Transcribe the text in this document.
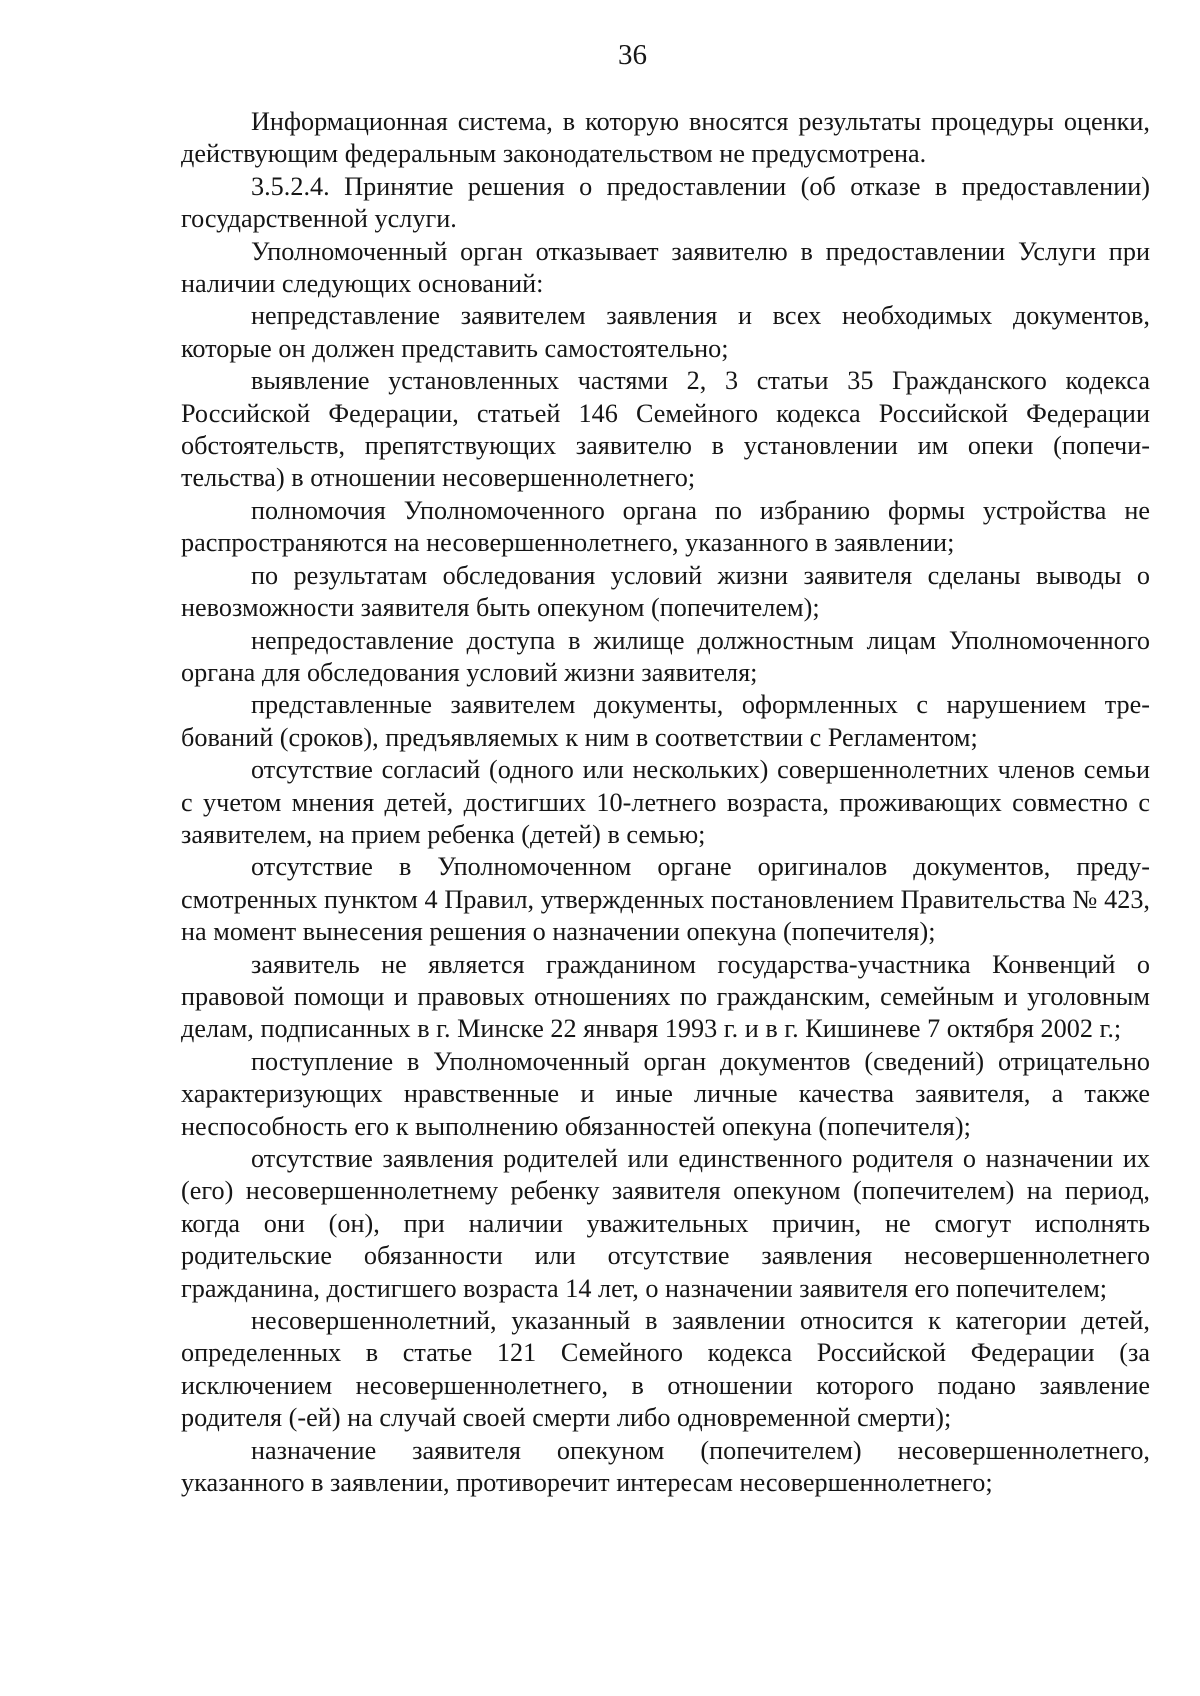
36

Информационная система, в которую вносятся результаты процедуры оценки, действующим федеральным законодательством не предусмотрена.

3.5.2.4. Принятие решения о предоставлении (об отказе в предоставлении) государственной услуги.

Уполномоченный орган отказывает заявителю в предоставлении Услуги при наличии следующих оснований:

непредставление заявителем заявления и всех необходимых документов, которые он должен представить самостоятельно;

выявление установленных частями 2, 3 статьи 35 Гражданского кодекса Российской Федерации, статьей 146 Семейного кодекса Российской Федерации обстоятельств, препятствующих заявителю в установлении им опеки (попечительства) в отношении несовершеннолетнего;

полномочия Уполномоченного органа по избранию формы устройства не распространяются на несовершеннолетнего, указанного в заявлении;

по результатам обследования условий жизни заявителя сделаны выводы о невозможности заявителя быть опекуном (попечителем);

непредоставление доступа в жилище должностным лицам Уполномоченного органа для обследования условий жизни заявителя;

представленные заявителем документы, оформленных с нарушением требований (сроков), предъявляемых к ним в соответствии с Регламентом;

отсутствие согласий (одного или нескольких) совершеннолетних членов семьи с учетом мнения детей, достигших 10-летнего возраста, проживающих совместно с заявителем, на прием ребенка (детей) в семью;

отсутствие в Уполномоченном органе оригиналов документов, предусмотренных пунктом 4 Правил, утвержденных постановлением Правительства № 423, на момент вынесения решения о назначении опекуна (попечителя);

заявитель не является гражданином государства-участника Конвенций о правовой помощи и правовых отношениях по гражданским, семейным и уголовным делам, подписанных в г. Минске 22 января 1993 г. и в г. Кишиневе 7 октября 2002 г.;

поступление в Уполномоченный орган документов (сведений) отрицательно характеризующих нравственные и иные личные качества заявителя, а также неспособность его к выполнению обязанностей опекуна (попечителя);

отсутствие заявления родителей или единственного родителя о назначении их (его) несовершеннолетнему ребенку заявителя опекуном (попечителем) на период, когда они (он), при наличии уважительных причин, не смогут исполнять родительские обязанности или отсутствие заявления несовершеннолетнего гражданина, достигшего возраста 14 лет, о назначении заявителя его попечителем;

несовершеннолетний, указанный в заявлении относится к категории детей, определенных в статье 121 Семейного кодекса Российской Федерации (за исключением несовершеннолетнего, в отношении которого подано заявление родителя (-ей) на случай своей смерти либо одновременной смерти);

назначение заявителя опекуном (попечителем) несовершеннолетнего, указанного в заявлении, противоречит интересам несовершеннолетнего;
